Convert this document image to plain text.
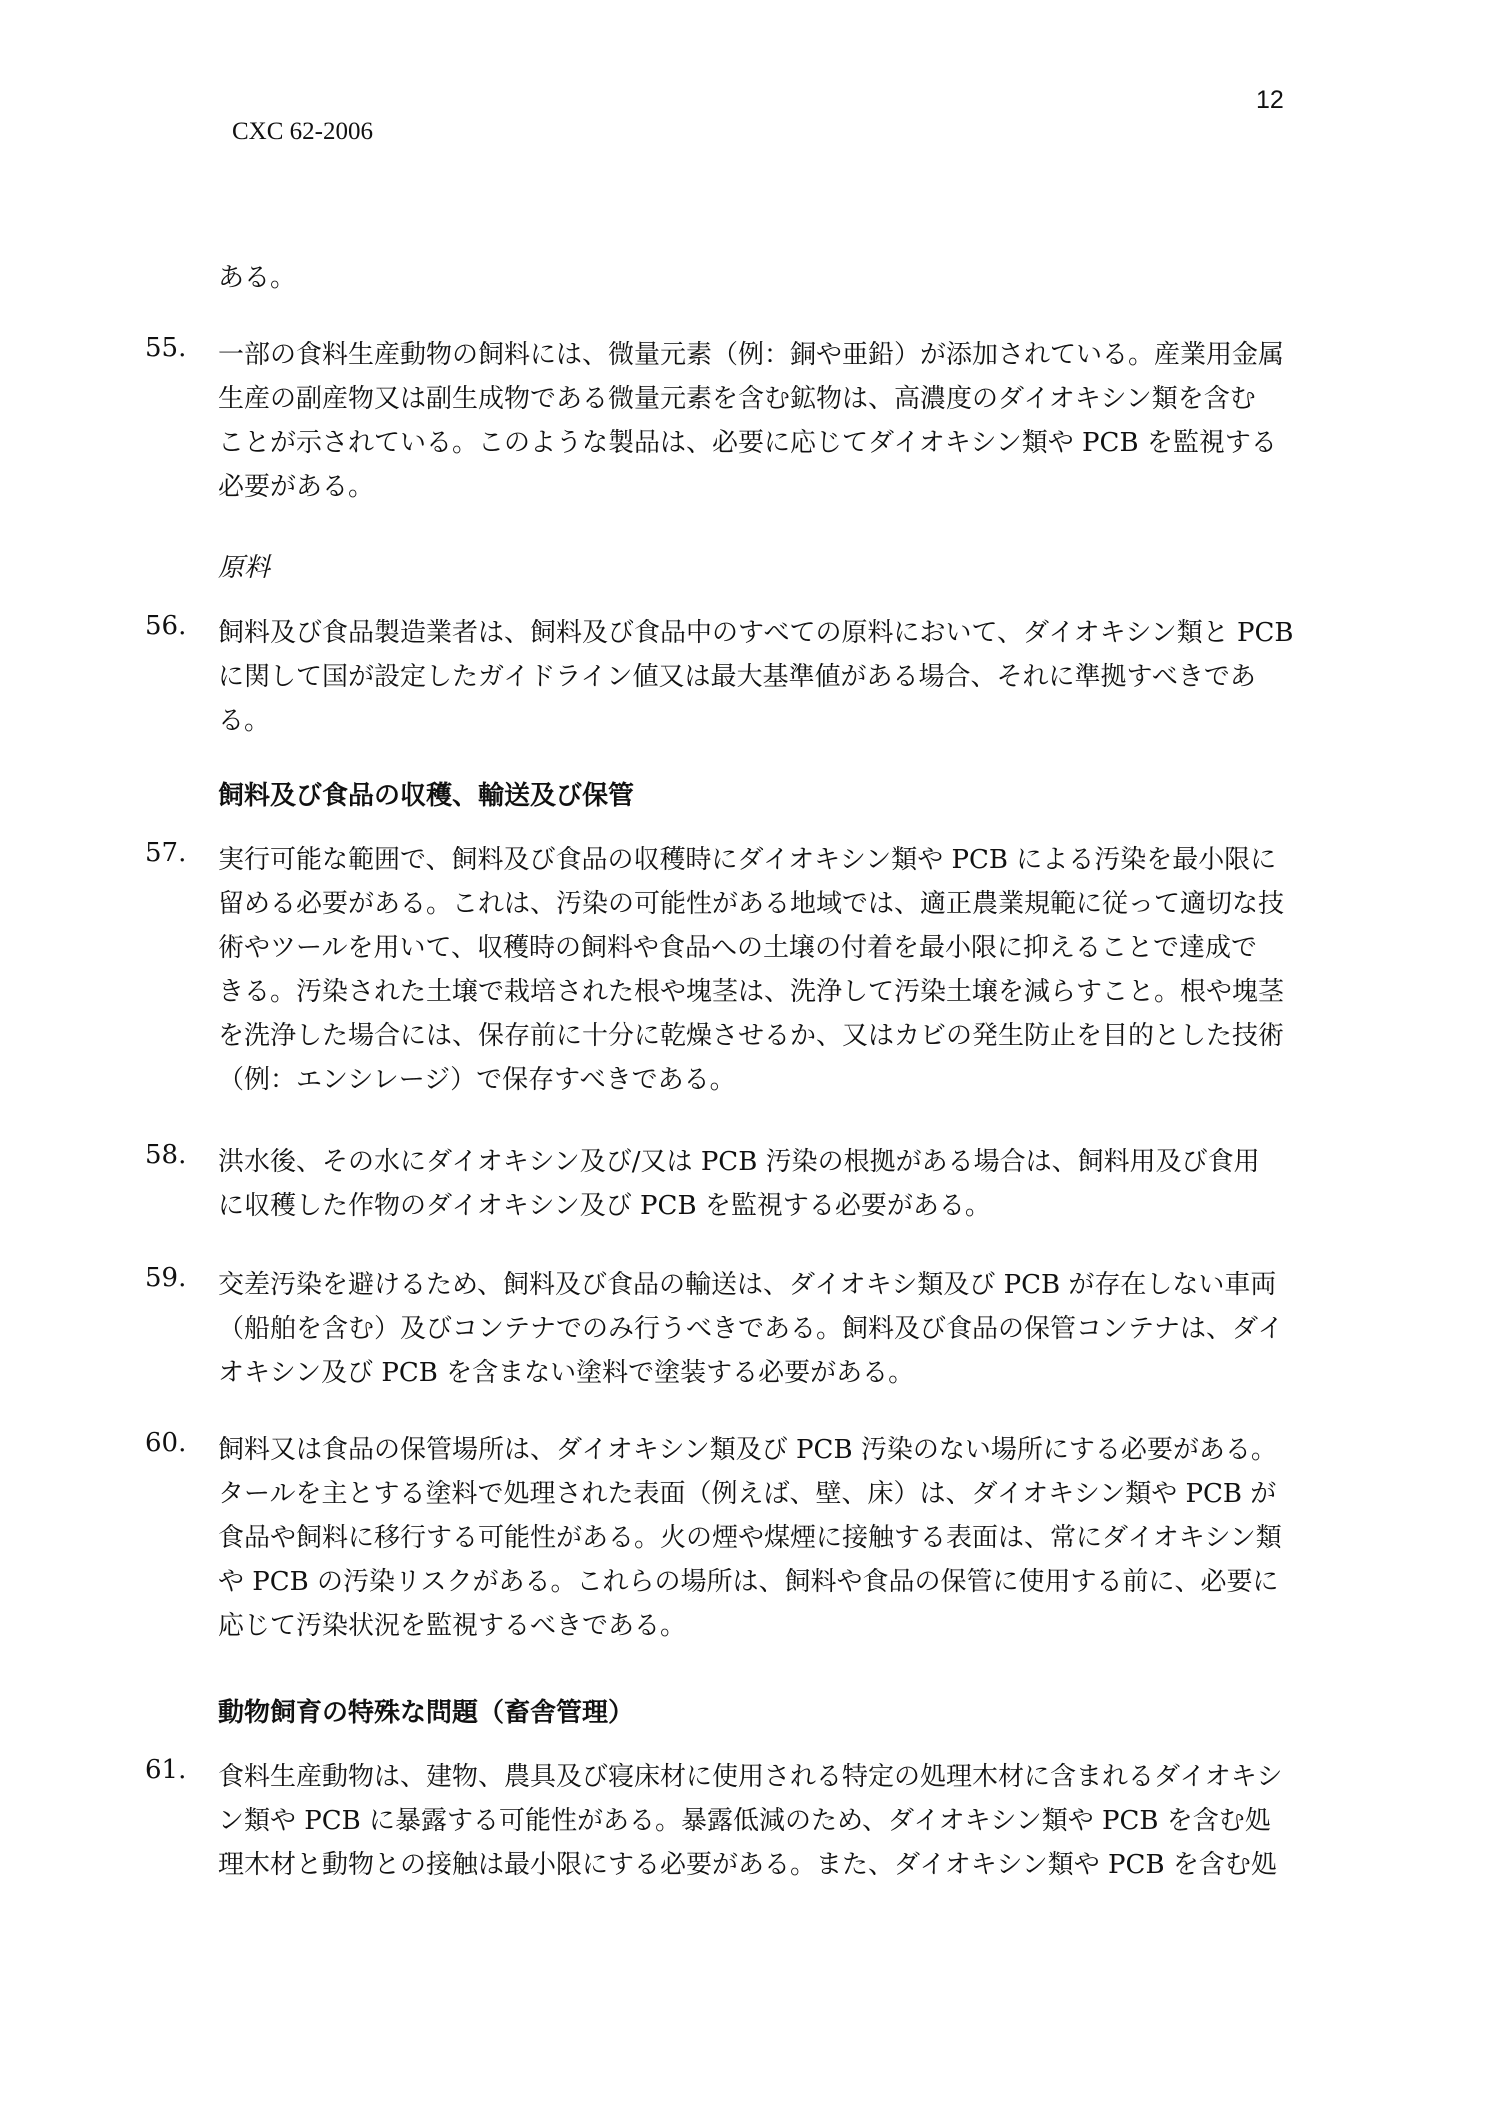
12
CXC 62-2006
ある。
55.	一部の食料生産動物の飼料には、微量元素（例：銅や亜鉛）が添加されている。産業用金属
生産の副産物又は副生成物である微量元素を含む鉱物は、高濃度のダイオキシン類を含む
ことが示されている。このような製品は、必要に応じてダイオキシン類や PCB を監視する
必要がある。
原料
56.	飼料及び食品製造業者は、飼料及び食品中のすべての原料において、ダイオキシン類と PCB
に関して国が設定したガイドライン値又は最大基準値がある場合、それに準拠すべきであ
る。
飼料及び食品の収穫、輸送及び保管
57.	実行可能な範囲で、飼料及び食品の収穫時にダイオキシン類や PCB による汚染を最小限に
留める必要がある。これは、汚染の可能性がある地域では、適正農業規範に従って適切な技
術やツールを用いて、収穫時の飼料や食品への土壌の付着を最小限に抑えることで達成で
きる。汚染された土壌で栽培された根や塊茎は、洗浄して汚染土壌を減らすこと。根や塊茎
を洗浄した場合には、保存前に十分に乾燥させるか、又はカビの発生防止を目的とした技術
（例：エンシレージ）で保存すべきである。
58.	洪水後、その水にダイオキシン及び/又は PCB 汚染の根拠がある場合は、飼料用及び食用
に収穫した作物のダイオキシン及び PCB を監視する必要がある。
59.	交差汚染を避けるため、飼料及び食品の輸送は、ダイオキシ類及び PCB が存在しない車両
（船舶を含む）及びコンテナでのみ行うべきである。飼料及び食品の保管コンテナは、ダイ
オキシン及び PCB を含まない塗料で塗装する必要がある。
60.	飼料又は食品の保管場所は、ダイオキシン類及び PCB 汚染のない場所にする必要がある。
タールを主とする塗料で処理された表面（例えば、壁、床）は、ダイオキシン類や PCB が
食品や飼料に移行する可能性がある。火の煙や煤煙に接触する表面は、常にダイオキシン類
や PCB の汚染リスクがある。これらの場所は、飼料や食品の保管に使用する前に、必要に
応じて汚染状況を監視するべきである。
動物飼育の特殊な問題（畜舎管理）
61.	食料生産動物は、建物、農具及び寝床材に使用される特定の処理木材に含まれるダイオキシ
ン類や PCB に暴露する可能性がある。暴露低減のため、ダイオキシン類や PCB を含む処
理木材と動物との接触は最小限にする必要がある。また、ダイオキシン類や PCB を含む処
